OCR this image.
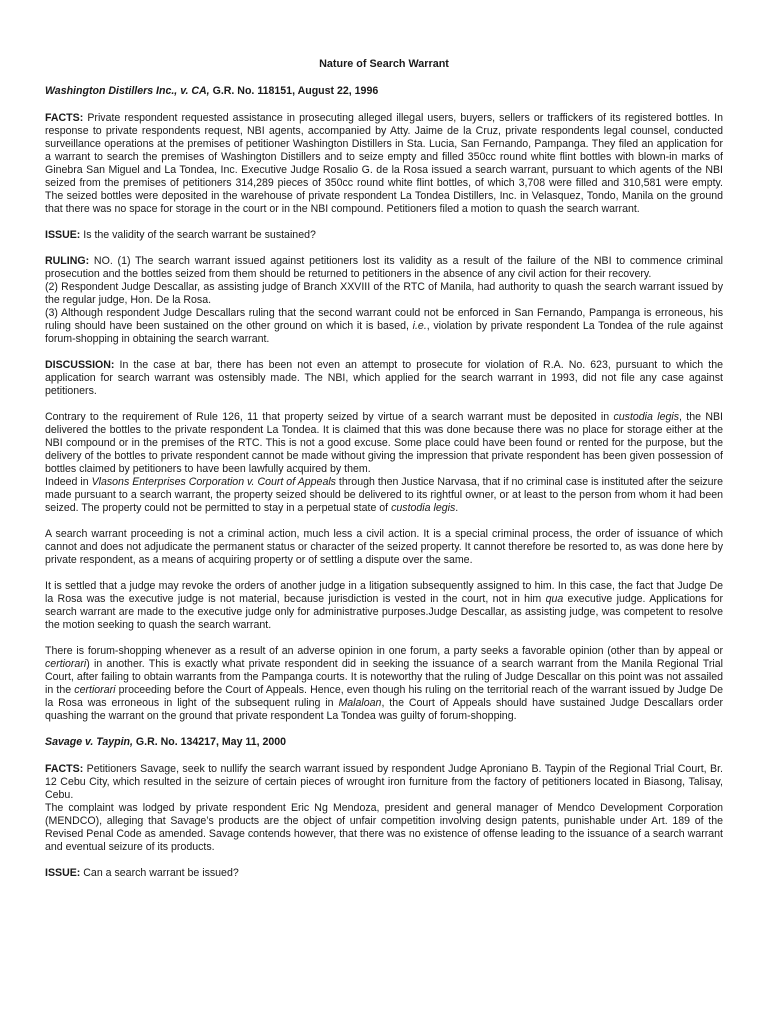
Nature of Search Warrant
Washington Distillers Inc., v. CA, G.R. No. 118151, August 22, 1996

FACTS: Private respondent requested assistance in prosecuting alleged illegal users, buyers, sellers or traffickers of its registered bottles. In response to private respondents request, NBI agents, accompanied by Atty. Jaime de la Cruz, private respondents legal counsel, conducted surveillance operations at the premises of petitioner Washington Distillers in Sta. Lucia, San Fernando, Pampanga. They filed an application for a warrant to search the premises of Washington Distillers and to seize empty and filled 350cc round white flint bottles with blown-in marks of Ginebra San Miguel and La Tondea, Inc. Executive Judge Rosalio G. de la Rosa issued a search warrant, pursuant to which agents of the NBI seized from the premises of petitioners 314,289 pieces of 350cc round white flint bottles, of which 3,708 were filled and 310,581 were empty. The seized bottles were deposited in the warehouse of private respondent La Tondea Distillers, Inc. in Velasquez, Tondo, Manila on the ground that there was no space for storage in the court or in the NBI compound. Petitioners filed a motion to quash the search warrant.

ISSUE: Is the validity of the search warrant be sustained?

RULING: NO. (1) The search warrant issued against petitioners lost its validity as a result of the failure of the NBI to commence criminal prosecution and the bottles seized from them should be returned to petitioners in the absence of any civil action for their recovery.

(2) Respondent Judge Descallar, as assisting judge of Branch XXVIII of the RTC of Manila, had authority to quash the search warrant issued by the regular judge, Hon. De la Rosa.

(3) Although respondent Judge Descallars ruling that the second warrant could not be enforced in San Fernando, Pampanga is erroneous, his ruling should have been sustained on the other ground on which it is based, i.e., violation by private respondent La Tondea of the rule against forum-shopping in obtaining the search warrant.

DISCUSSION: In the case at bar, there has been not even an attempt to prosecute for violation of R.A. No. 623, pursuant to which the application for search warrant was ostensibly made. The NBI, which applied for the search warrant in 1993, did not file any case against petitioners.

Contrary to the requirement of Rule 126, 11 that property seized by virtue of a search warrant must be deposited in custodia legis, the NBI delivered the bottles to the private respondent La Tondea. It is claimed that this was done because there was no place for storage either at the NBI compound or in the premises of the RTC. This is not a good excuse. Some place could have been found or rented for the purpose, but the delivery of the bottles to private respondent cannot be made without giving the impression that private respondent has been given possession of bottles claimed by petitioners to have been lawfully acquired by them.

Indeed in Vlasons Enterprises Corporation v. Court of Appeals through then Justice Narvasa, that if no criminal case is instituted after the seizure made pursuant to a search warrant, the property seized should be delivered to its rightful owner, or at least to the person from whom it had been seized. The property could not be permitted to stay in a perpetual state of custodia legis.

A search warrant proceeding is not a criminal action, much less a civil action. It is a special criminal process, the order of issuance of which cannot and does not adjudicate the permanent status or character of the seized property. It cannot therefore be resorted to, as was done here by private respondent, as a means of acquiring property or of settling a dispute over the same.

It is settled that a judge may revoke the orders of another judge in a litigation subsequently assigned to him. In this case, the fact that Judge De la Rosa was the executive judge is not material, because jurisdiction is vested in the court, not in him qua executive judge. Applications for search warrant are made to the executive judge only for administrative purposes.Judge Descallar, as assisting judge, was competent to resolve the motion seeking to quash the search warrant.

There is forum-shopping whenever as a result of an adverse opinion in one forum, a party seeks a favorable opinion (other than by appeal or certiorari) in another. This is exactly what private respondent did in seeking the issuance of a search warrant from the Manila Regional Trial Court, after failing to obtain warrants from the Pampanga courts. It is noteworthy that the ruling of Judge Descallar on this point was not assailed in the certiorari proceeding before the Court of Appeals. Hence, even though his ruling on the territorial reach of the warrant issued by Judge De la Rosa was erroneous in light of the subsequent ruling in Malaloan, the Court of Appeals should have sustained Judge Descallars order quashing the warrant on the ground that private respondent La Tondea was guilty of forum-shopping.

Savage v. Taypin, G.R. No. 134217, May 11, 2000

FACTS: Petitioners Savage, seek to nullify the search warrant issued by respondent Judge Aproniano B. Taypin of the Regional Trial Court, Br. 12 Cebu City, which resulted in the seizure of certain pieces of wrought iron furniture from the factory of petitioners located in Biasong, Talisay, Cebu.

The complaint was lodged by private respondent Eric Ng Mendoza, president and general manager of Mendco Development Corporation (MENDCO), alleging that Savage’s products are the object of unfair competition involving design patents, punishable under Art. 189 of the Revised Penal Code as amended. Savage contends however, that there was no existence of offense leading to the issuance of a search warrant and eventual seizure of its products.

ISSUE: Can a search warrant be issued?
